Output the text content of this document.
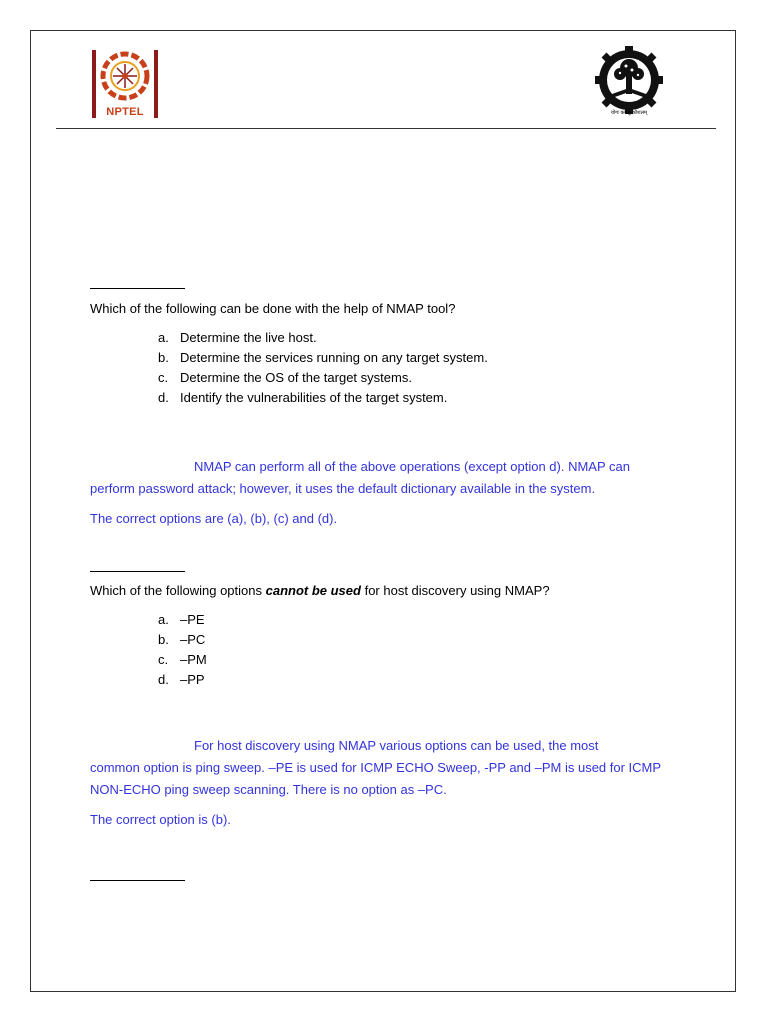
NPTEL	योगः कर्मसु कौशलम्
Which of the following can be done with the help of NMAP tool?
a. Determine the live host.
b. Determine the services running on any target system.
c. Determine the OS of the target systems.
d. Identify the vulnerabilities of the target system.
NMAP can perform all of the above operations (except option d). NMAP can
perform password attack; however, it uses the default dictionary available in the system.
The correct options are (a), (b), (c) and (d).
Which of the following options cannot be used for host discovery using NMAP?
a. –PE
b. –PC
c. –PM
d. –PP
For host discovery using NMAP various options can be used, the most
common option is ping sweep. –PE is used for ICMP ECHO Sweep, -PP and –PM is used for ICMP
NON-ECHO ping sweep scanning. There is no option as –PC.
The correct option is (b).
